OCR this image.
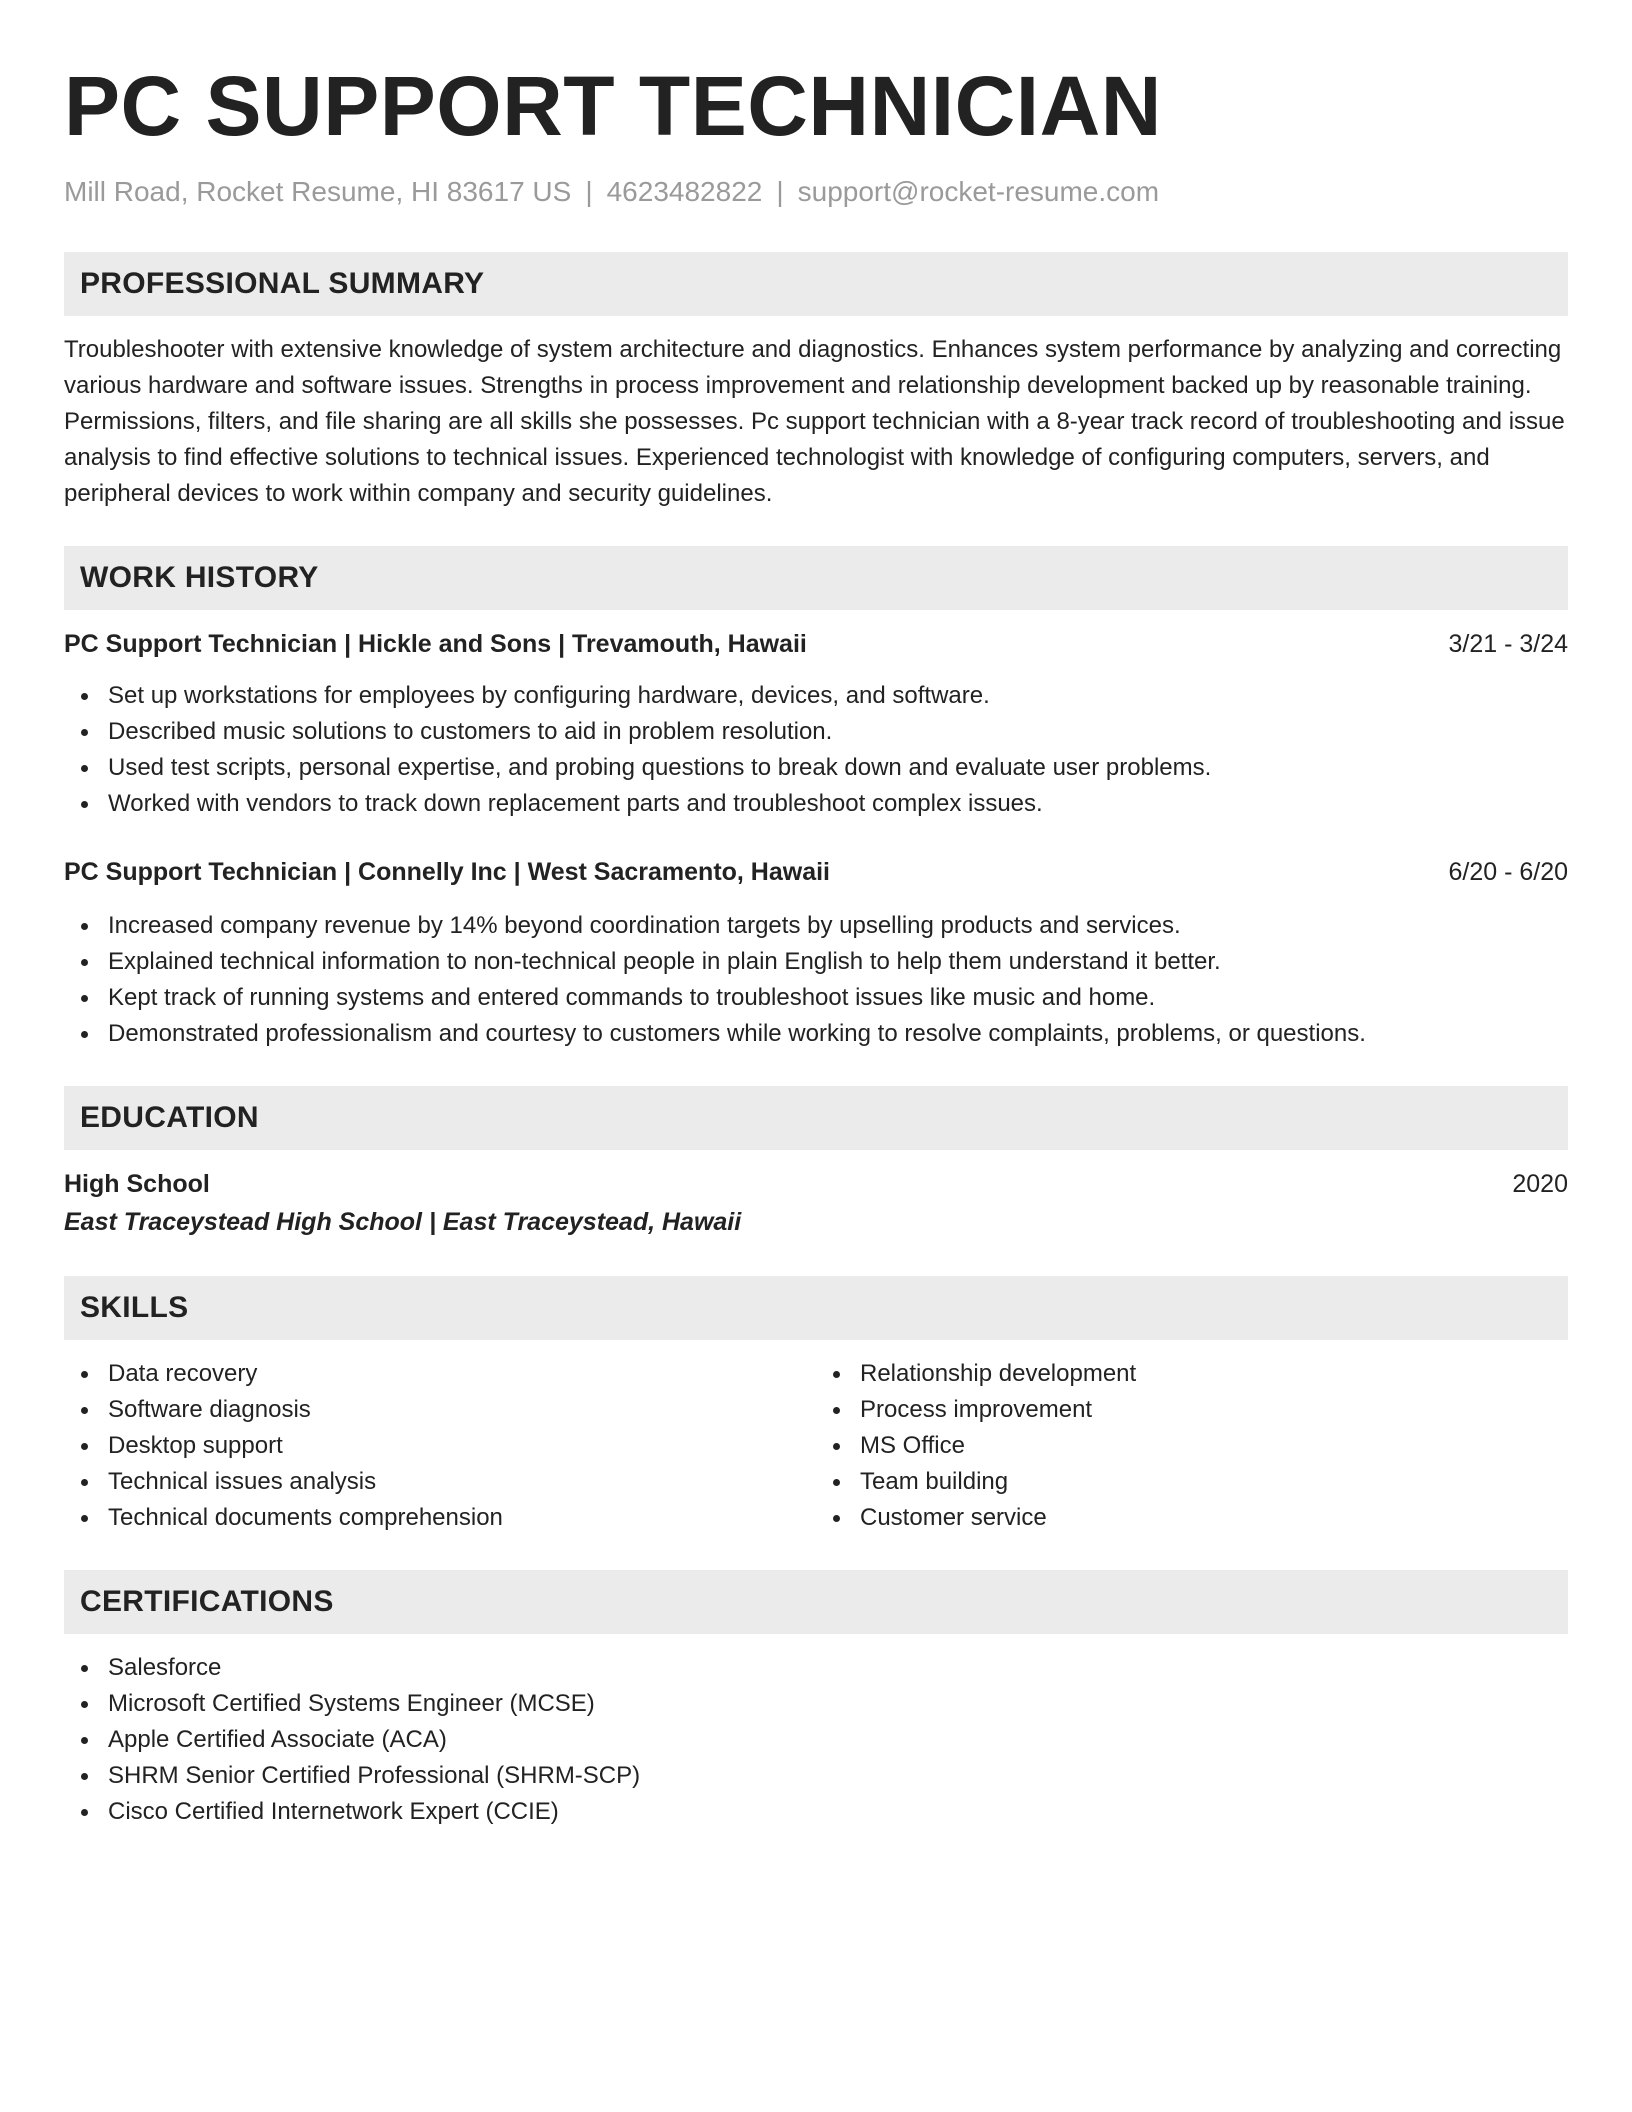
PC SUPPORT TECHNICIAN
Mill Road, Rocket Resume, HI 83617 US | 4623482822 | support@rocket-resume.com
PROFESSIONAL SUMMARY
Troubleshooter with extensive knowledge of system architecture and diagnostics. Enhances system performance by analyzing and correcting various hardware and software issues. Strengths in process improvement and relationship development backed up by reasonable training. Permissions, filters, and file sharing are all skills she possesses. Pc support technician with a 8-year track record of troubleshooting and issue analysis to find effective solutions to technical issues. Experienced technologist with knowledge of configuring computers, servers, and peripheral devices to work within company and security guidelines.
WORK HISTORY
PC Support Technician | Hickle and Sons | Trevamouth, Hawaii	3/21 - 3/24
Set up workstations for employees by configuring hardware, devices, and software.
Described music solutions to customers to aid in problem resolution.
Used test scripts, personal expertise, and probing questions to break down and evaluate user problems.
Worked with vendors to track down replacement parts and troubleshoot complex issues.
PC Support Technician | Connelly Inc | West Sacramento, Hawaii	6/20 - 6/20
Increased company revenue by 14% beyond coordination targets by upselling products and services.
Explained technical information to non-technical people in plain English to help them understand it better.
Kept track of running systems and entered commands to troubleshoot issues like music and home.
Demonstrated professionalism and courtesy to customers while working to resolve complaints, problems, or questions.
EDUCATION
High School	2020
East Traceystead High School | East Traceystead, Hawaii
SKILLS
Data recovery
Software diagnosis
Desktop support
Technical issues analysis
Technical documents comprehension
Relationship development
Process improvement
MS Office
Team building
Customer service
CERTIFICATIONS
Salesforce
Microsoft Certified Systems Engineer (MCSE)
Apple Certified Associate (ACA)
SHRM Senior Certified Professional (SHRM-SCP)
Cisco Certified Internetwork Expert (CCIE)
